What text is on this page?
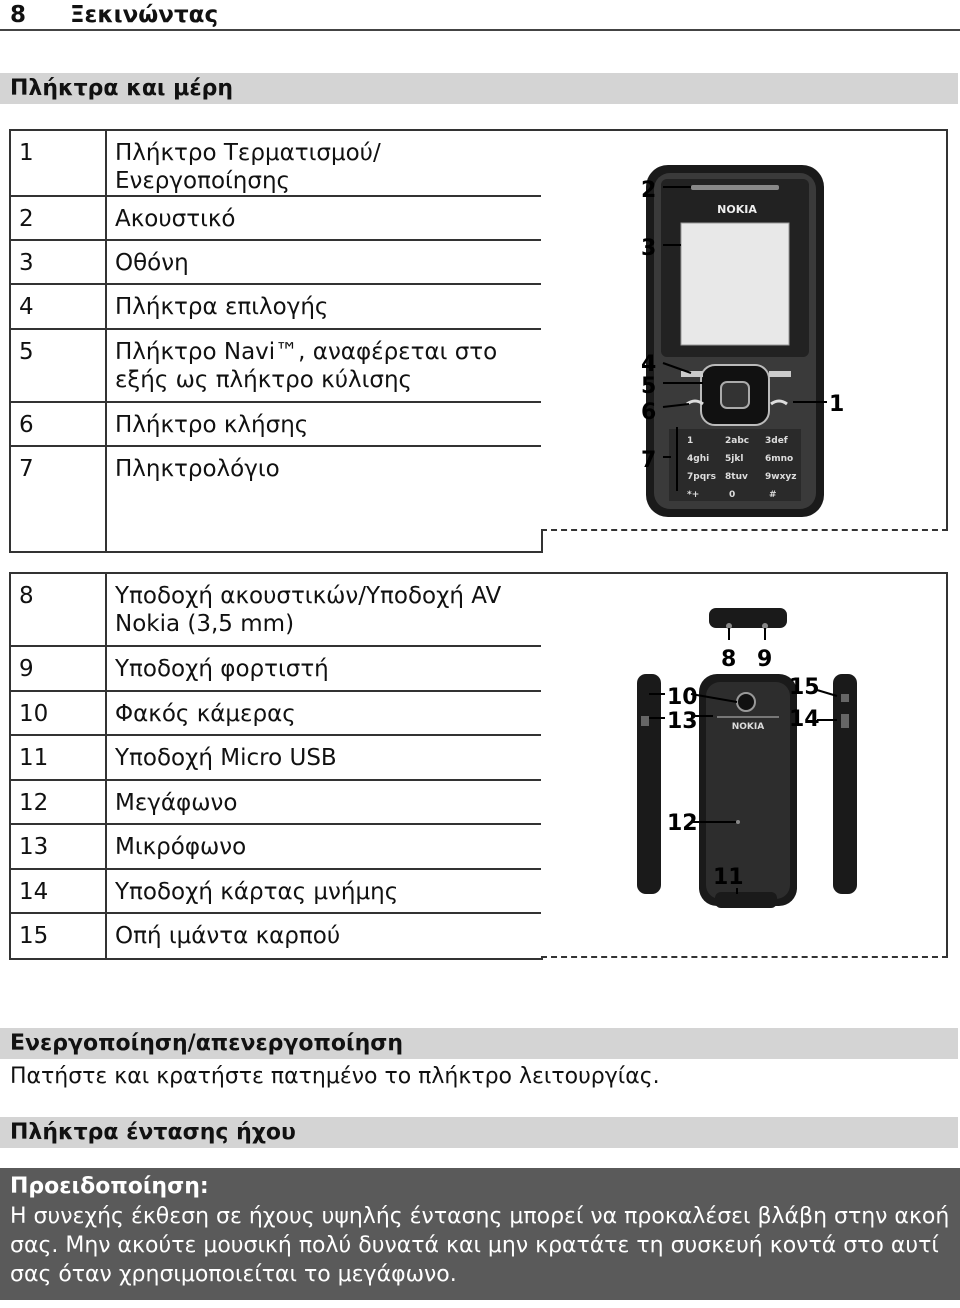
8 Ξεκινώντας
Πλήκτρα και μέρη
1	Πλήκτρο Τερματισμού/Ενεργοποίησης
2	Ακουστικό
3	Οθόνη
4	Πλήκτρα επιλογής
5	Πλήκτρο Navi™, αναφέρεται στο εξής ως πλήκτρο κύλισης
6	Πλήκτρο κλήσης
7	Πληκτρολόγιο
NOKIA
1	2abc 3def
4ghi 5jkl 6mno
7pqrs 8tuv 9wxyz
*+	0	#
2
3
4
5
6
7
1
8	Υποδοχή ακουστικών/Υποδοχή AV Nokia (3,5 mm)
9	Υποδοχή φορτιστή
10	Φακός κάμερας
11	Υποδοχή Micro USB
12	Μεγάφωνο
13	Μικρόφωνο
14	Υποδοχή κάρτας μνήμης
15	Οπή ιμάντα καρπού
NOKIA
8 9
10
13
12
11
15
14
Ενεργοποίηση/απενεργοποίηση
Πατήστε και κρατήστε πατημένο το πλήκτρο λειτουργίας.
Πλήκτρα έντασης ήχου
Προειδοποίηση:
Η συνεχής έκθεση σε ήχους υψηλής έντασης μπορεί να προκαλέσει βλάβη στην ακοή σας. Μην ακούτε μουσική πολύ δυνατά και μην κρατάτε τη συσκευή κοντά στο αυτί σας όταν χρησιμοποιείται το μεγάφωνο.
